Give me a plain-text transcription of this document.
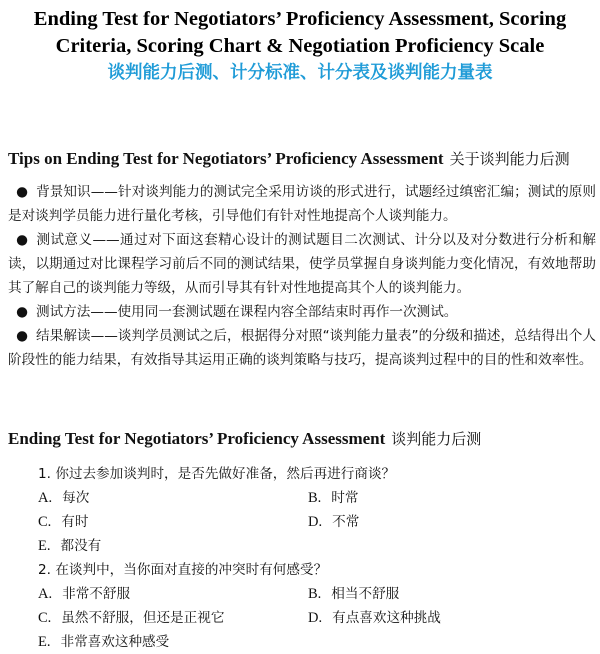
Ending Test for Negotiators’ Proficiency Assessment, Scoring
Criteria, Scoring Chart & Negotiation Proficiency Scale
谈判能力后测、计分标准、计分表及谈判能力量表
Tips on Ending Test for Negotiators’ Proficiency Assessment 关于谈判能力后测

● 背景知识——针对谈判能力的测试完全采用访谈的形式进行，试题经过缜密汇编；测试的原则是对谈判学员能力进行量化考核，引导他们有针对性地提高个人谈判能力。

● 测试意义——通过对下面这套精心设计的测试题目二次测试、计分以及对分数进行分析和解读，以期通过对比课程学习前后不同的测试结果，使学员掌握自身谈判能力变化情况，有效地帮助其了解自己的谈判能力等级，从而引导其有针对性地提高其个人的谈判能力。

● 测试方法——使用同一套测试题在课程内容全部结束时再作一次测试。

● 结果解读——谈判学员测试之后，根据得分对照“谈判能力量表”的分级和描述，总结得出个人阶段性的能力结果，有效指导其运用正确的谈判策略与技巧，提高谈判过程中的目的性和效率性。

Ending Test for Negotiators’ Proficiency Assessment 谈判能力后测

1. 你过去参加谈判时，是否先做好准备，然后再进行商谈？

A. 每次	B. 时常
C. 有时	D. 不常
E. 都没有

2. 在谈判中，当你面对直接的冲突时有何感受？

A. 非常不舒服	B. 相当不舒服
C. 虽然不舒服，但还是正视它	D. 有点喜欢这种挑战
E. 非常喜欢这种感受
